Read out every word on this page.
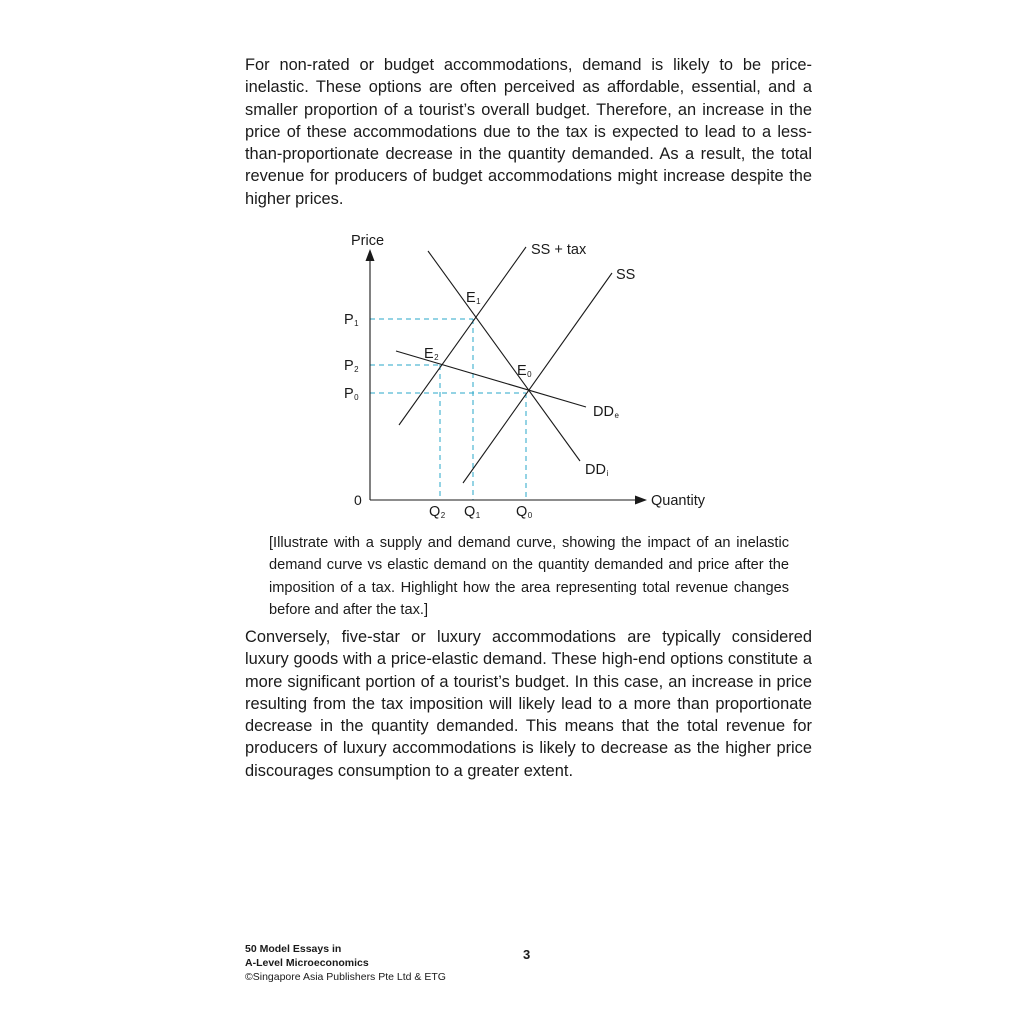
For non-rated or budget accommodations, demand is likely to be price-inelastic. These options are often perceived as affordable, essential, and a smaller proportion of a tourist’s overall budget. Therefore, an increase in the price of these accommodations due to the tax is expected to lead to a less-than-proportionate decrease in the quantity demanded. As a result, the total revenue for producers of budget accommodations might increase despite the higher prices.

Price
Quantity
0
SS + tax
SS
DDe
DDi
E1
E2
E0
P1
P2
P0
Q2 Q1 Q0

[Illustrate with a supply and demand curve, showing the impact of an inelastic demand curve vs elastic demand on the quantity demanded and price after the imposition of a tax. Highlight how the area representing total revenue changes before and after the tax.]

Conversely, five-star or luxury accommodations are typically considered luxury goods with a price-elastic demand. These high-end options constitute a more significant portion of a tourist’s budget. In this case, an increase in price resulting from the tax imposition will likely lead to a more than proportionate decrease in the quantity demanded. This means that the total revenue for producers of luxury accommodations is likely to decrease as the higher price discourages consumption to a greater extent.

50 Model Essays in
A-Level Microeconomics
©Singapore Asia Publishers Pte Ltd & ETG
3
